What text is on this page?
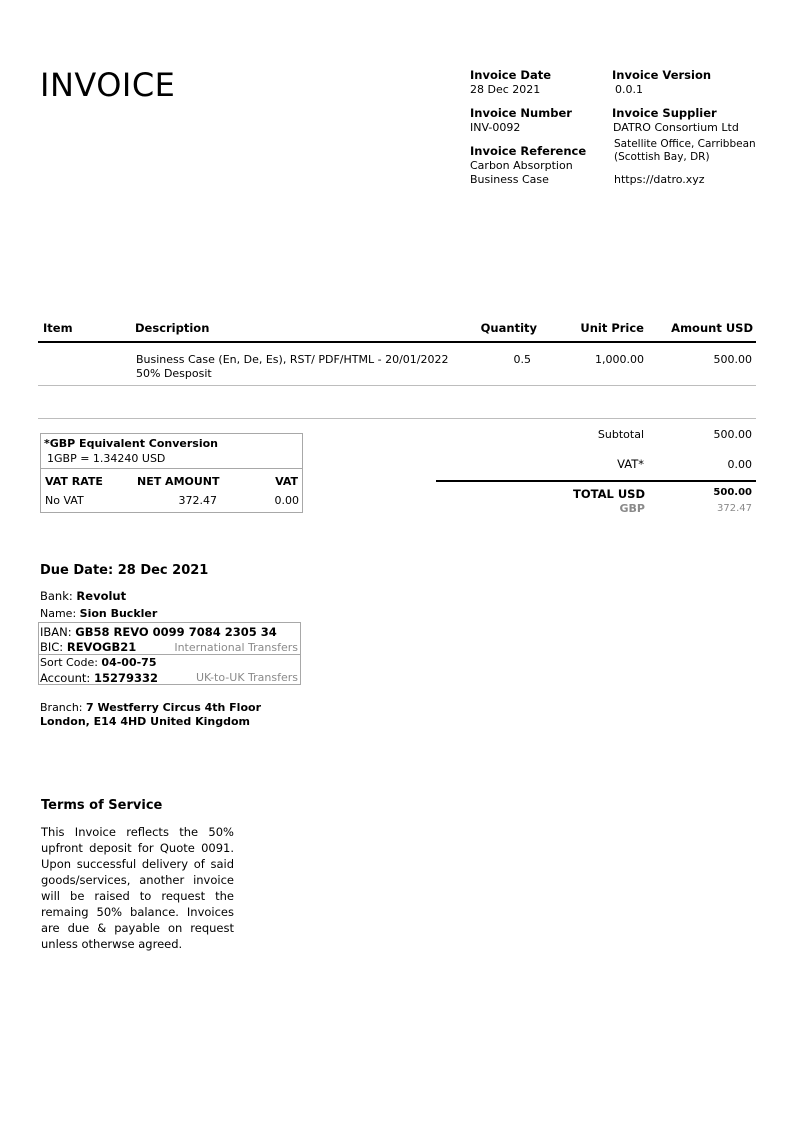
INVOICE	Invoice Date
28 Dec 2021
Invoice Number
INV-0092
Invoice Reference
Carbon Absorption
Business Case
Invoice Version
0.0.1
Invoice Supplier
DATRO Consortium Ltd
Satellite Office, Carribbean
(Scottish Bay, DR)
https://datro.xyz
Item	Description	Quantity	Unit Price	Amount USD
Business Case (En, De, Es), RST/ PDF/HTML - 20/01/2022
50% Desposit
0.5	1,000.00	500.00
*GBP Equivalent Conversion
1GBP = 1.34240 USD
VAT RATE	NET AMOUNT	VAT
No VAT	372.47	0.00
Subtotal	500.00
VAT*	0.00
TOTAL USD	500.00
GBP	372.47
Due Date: 28 Dec 2021
Bank: Revolut
Name: Sion Buckler
IBAN: GB58 REVO 0099 7084 2305 34
BIC: REVOGB21	International Transfers
Sort Code: 04-00-75
Account: 15279332	UK-to-UK Transfers
Branch: 7 Westferry Circus 4th Floor
London, E14 4HD United Kingdom
Terms of Service
This Invoice reflects the 50% upfront deposit for Quote 0091. Upon successful delivery of said goods/services, another invoice will be raised to request the remaing 50% balance. Invoices are due & payable on request unless otherwse agreed.
